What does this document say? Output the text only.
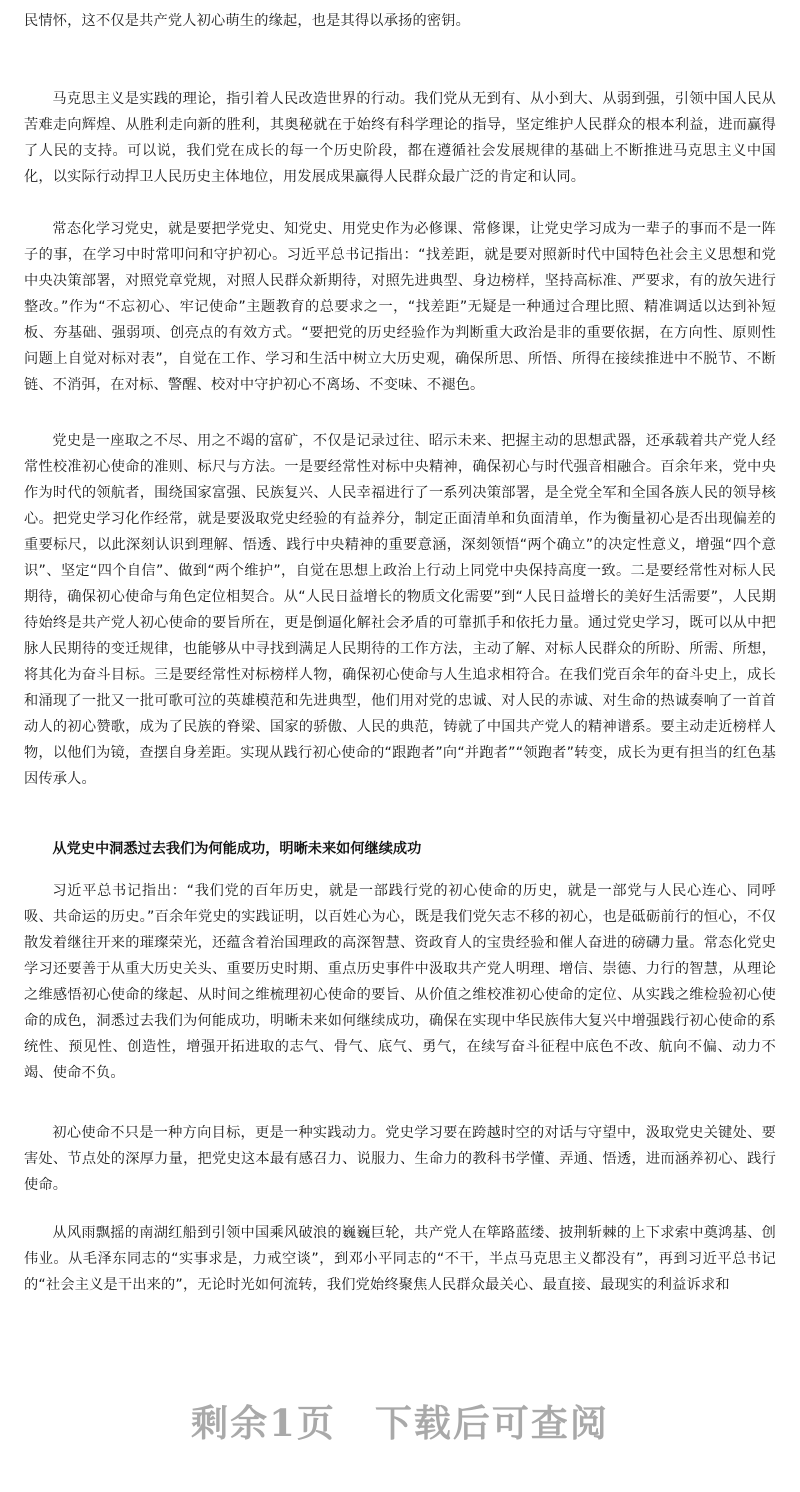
民情怀，这不仅是共产党人初心萌生的缘起，也是其得以承扬的密钥。

马克思主义是实践的理论，指引着人民改造世界的行动。我们党从无到有、从小到大、从弱到强，引领中国人民从苦难走向辉煌、从胜利走向新的胜利，其奥秘就在于始终有科学理论的指导，坚定维护人民群众的根本利益，进而赢得了人民的支持。可以说，我们党在成长的每一个历史阶段，都在遵循社会发展规律的基础上不断推进马克思主义中国化，以实际行动捍卫人民历史主体地位，用发展成果赢得人民群众最广泛的肯定和认同。

常态化学习党史，就是要把学党史、知党史、用党史作为必修课、常修课，让党史学习成为一辈子的事而不是一阵子的事，在学习中时常叩问和守护初心。习近平总书记指出：“找差距，就是要对照新时代中国特色社会主义思想和党中央决策部署，对照党章党规，对照人民群众新期待，对照先进典型、身边榜样，坚持高标准、严要求，有的放矢进行整改。”作为“不忘初心、牢记使命”主题教育的总要求之一，“找差距”无疑是一种通过合理比照、精准调适以达到补短板、夯基础、强弱项、创亮点的有效方式。“要把党的历史经验作为判断重大政治是非的重要依据，在方向性、原则性问题上自觉对标对表”，自觉在工作、学习和生活中树立大历史观，确保所思、所悟、所得在接续推进中不脱节、不断链、不消弭，在对标、警醒、校对中守护初心不离场、不变味、不褪色。

党史是一座取之不尽、用之不竭的富矿，不仅是记录过往、昭示未来、把握主动的思想武器，还承载着共产党人经常性校准初心使命的准则、标尺与方法。一是要经常性对标中央精神，确保初心与时代强音相融合。百余年来，党中央作为时代的领航者，围绕国家富强、民族复兴、人民幸福进行了一系列决策部署，是全党全军和全国各族人民的领导核心。把党史学习化作经常，就是要汲取党史经验的有益养分，制定正面清单和负面清单，作为衡量初心是否出现偏差的重要标尺，以此深刻认识到理解、悟透、践行中央精神的重要意涵，深刻领悟“两个确立”的决定性意义，增强“四个意识”、坚定“四个自信”、做到“两个维护”，自觉在思想上政治上行动上同党中央保持高度一致。二是要经常性对标人民期待，确保初心使命与角色定位相契合。从“人民日益增长的物质文化需要”到“人民日益增长的美好生活需要”，人民期待始终是共产党人初心使命的要旨所在，更是倒逼化解社会矛盾的可靠抓手和依托力量。通过党史学习，既可以从中把脉人民期待的变迁规律，也能够从中寻找到满足人民期待的工作方法，主动了解、对标人民群众的所盼、所需、所想，将其化为奋斗目标。三是要经常性对标榜样人物，确保初心使命与人生追求相符合。在我们党百余年的奋斗史上，成长和涌现了一批又一批可歌可泣的英雄模范和先进典型，他们用对党的忠诚、对人民的赤诚、对生命的热诚奏响了一首首动人的初心赞歌，成为了民族的脊梁、国家的骄傲、人民的典范，铸就了中国共产党人的精神谱系。要主动走近榜样人物，以他们为镜，查摆自身差距。实现从践行初心使命的“跟跑者”向“并跑者”“领跑者”转变，成长为更有担当的红色基因传承人。

从党史中洞悉过去我们为何能成功，明晰未来如何继续成功

习近平总书记指出：“我们党的百年历史，就是一部践行党的初心使命的历史，就是一部党与人民心连心、同呼吸、共命运的历史。”百余年党史的实践证明，以百姓心为心，既是我们党矢志不移的初心，也是砥砺前行的恒心，不仅散发着继往开来的璀璨荣光，还蕴含着治国理政的高深智慧、资政育人的宝贵经验和催人奋进的磅礴力量。常态化党史学习还要善于从重大历史关头、重要历史时期、重点历史事件中汲取共产党人明理、增信、崇德、力行的智慧，从理论之维感悟初心使命的缘起、从时间之维梳理初心使命的要旨、从价值之维校准初心使命的定位、从实践之维检验初心使命的成色，洞悉过去我们为何能成功，明晰未来如何继续成功，确保在实现中华民族伟大复兴中增强践行初心使命的系统性、预见性、创造性，增强开拓进取的志气、骨气、底气、勇气，在续写奋斗征程中底色不改、航向不偏、动力不竭、使命不负。

初心使命不只是一种方向目标，更是一种实践动力。党史学习要在跨越时空的对话与守望中，汲取党史关键处、要害处、节点处的深厚力量，把党史这本最有感召力、说服力、生命力的教科书学懂、弄通、悟透，进而涵养初心、践行使命。

从风雨飘摇的南湖红船到引领中国乘风破浪的巍巍巨轮，共产党人在筚路蓝缕、披荆斩棘的上下求索中奠鸿基、创伟业。从毛泽东同志的“实事求是，力戒空谈”，到邓小平同志的“不干，半点马克思主义都没有”，再到习近平总书记的“社会主义是干出来的”，无论时光如何流转，我们党始终聚焦人民群众最关心、最直接、最现实的利益诉求和

剩余1页　下载后可查阅
